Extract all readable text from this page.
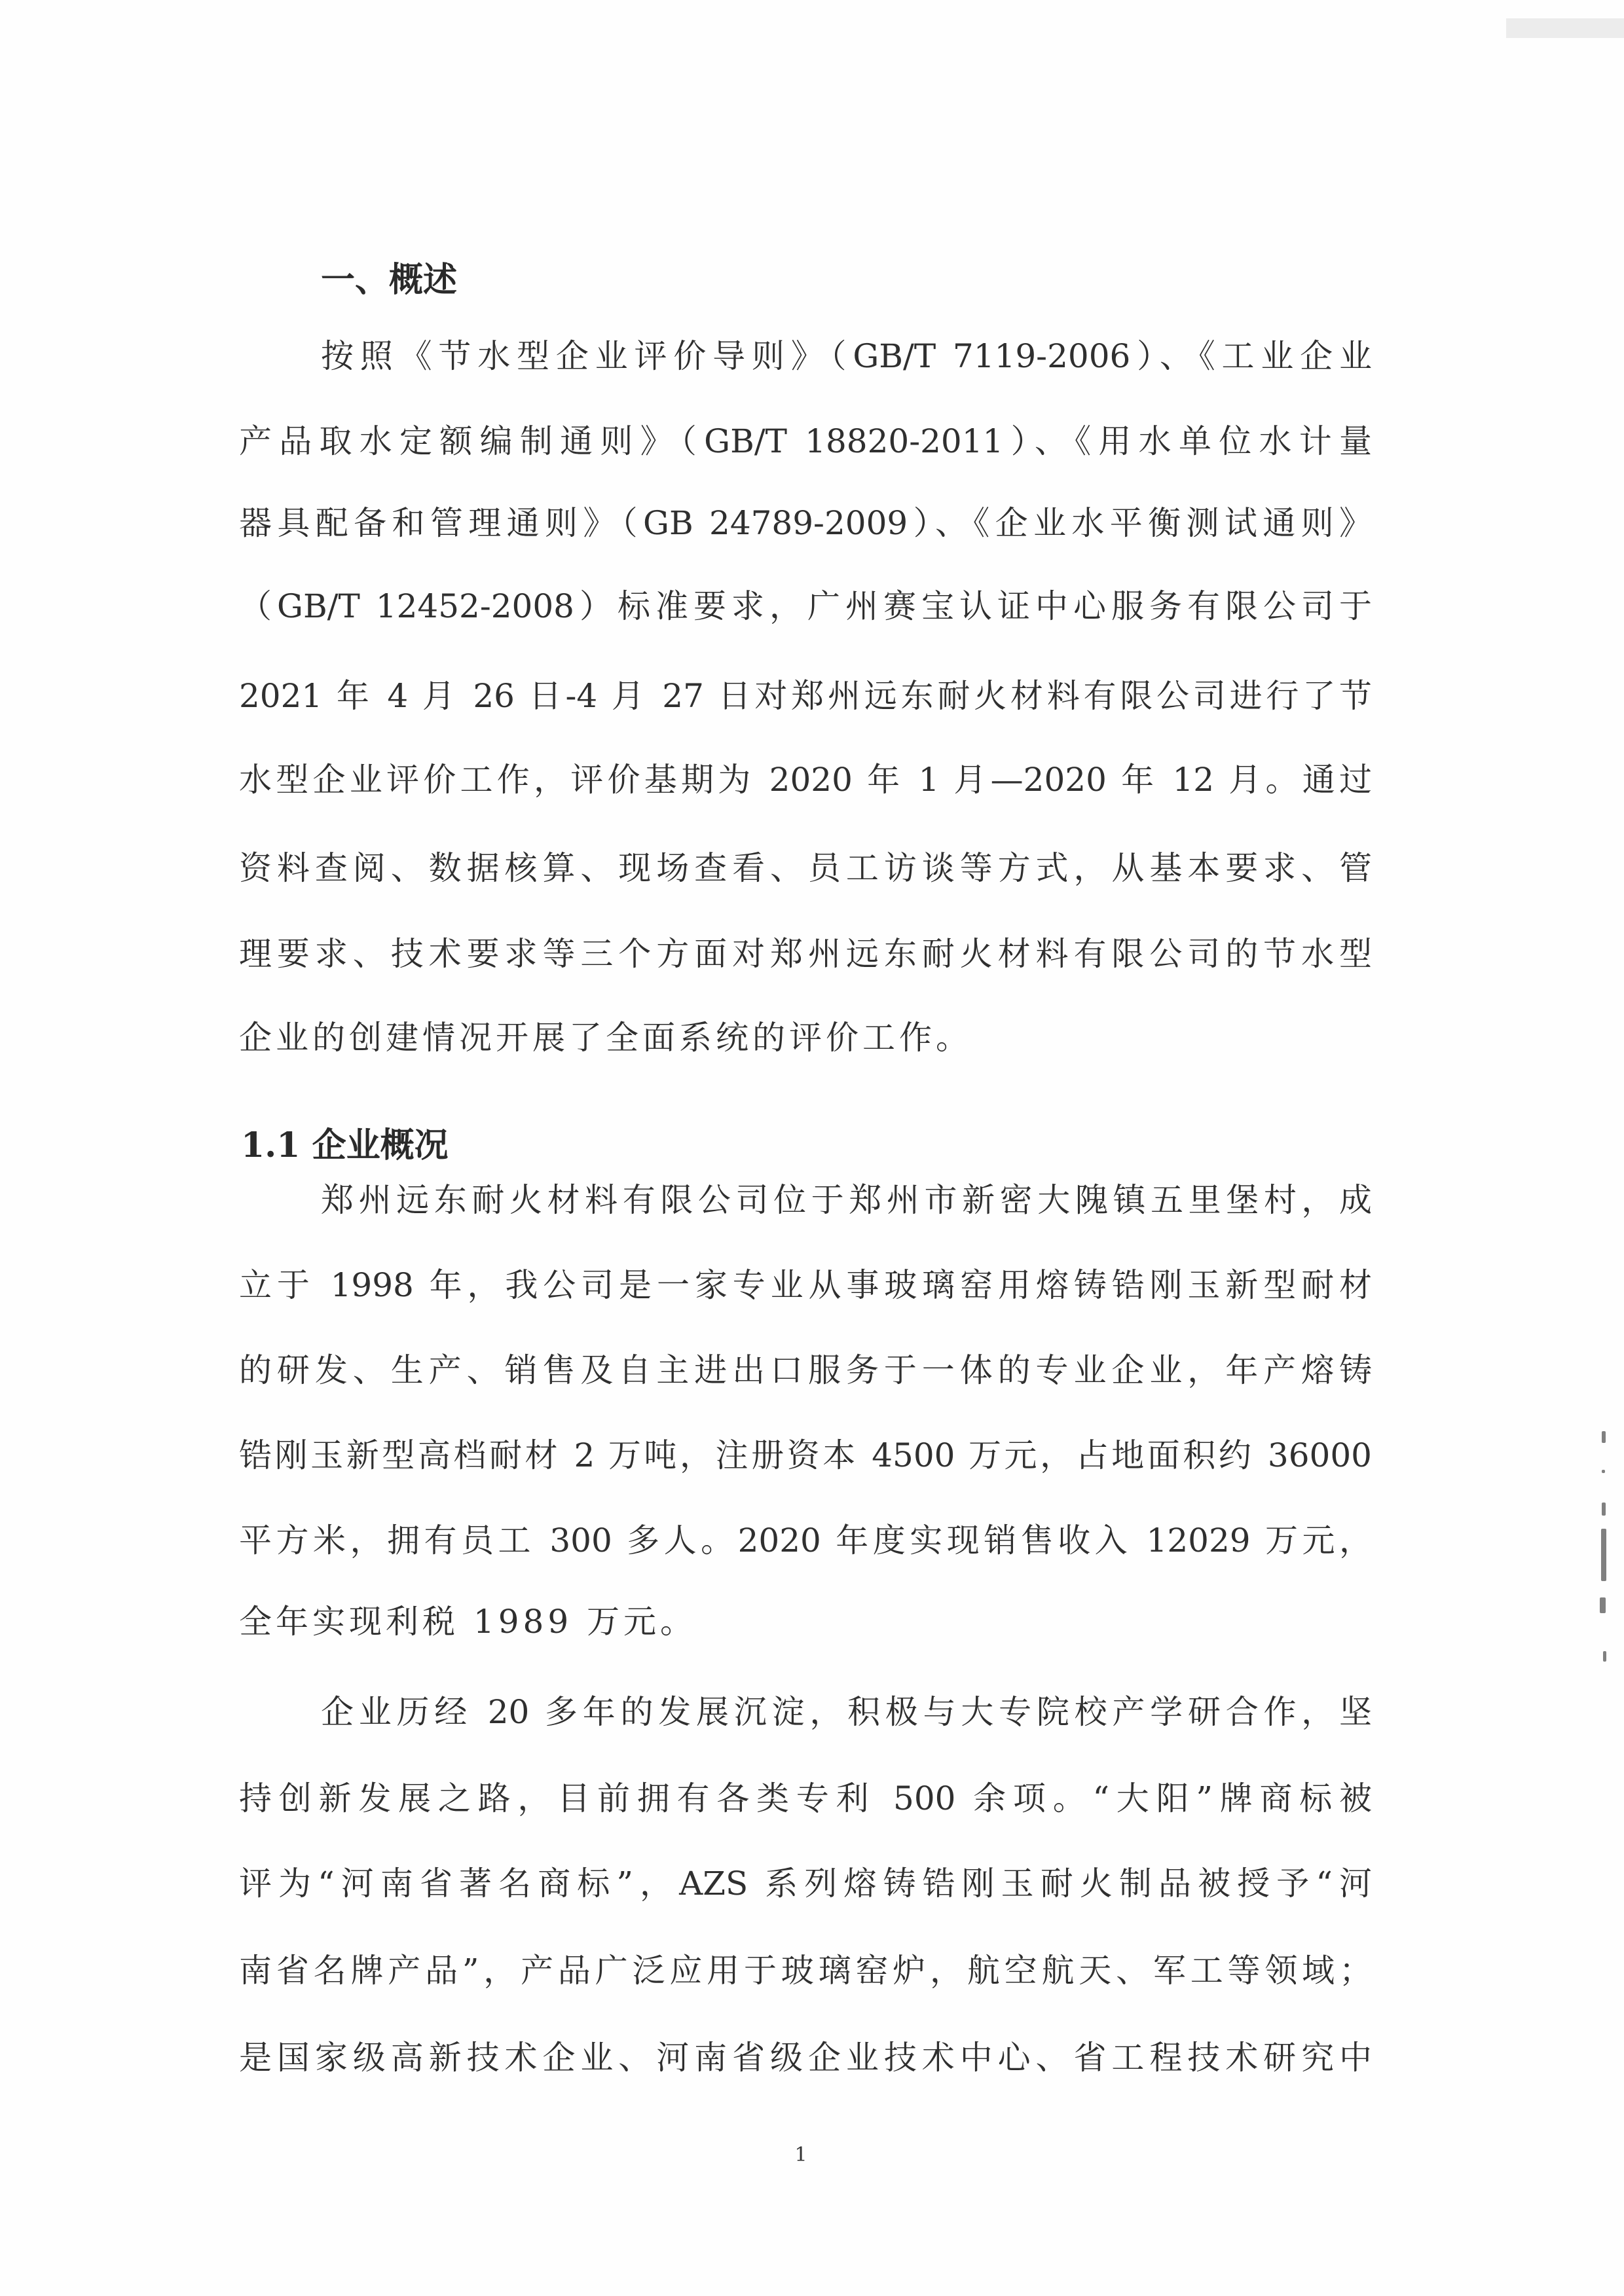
一、概述
按照《节水型企业评价导则》（GB/T 7119-2006）、《工业企业
产品取水定额编制通则》（GB/T 18820-2011）、《用水单位水计量
器具配备和管理通则》（GB 24789-2009）、《企业水平衡测试通则》
（GB/T 12452-2008）标准要求，广州赛宝认证中心服务有限公司于
2021 年 4 月 26 日-4 月 27 日对郑州远东耐火材料有限公司进行了节
水型企业评价工作，评价基期为 2020 年 1 月—2020 年 12 月。通过
资料查阅、数据核算、现场查看、员工访谈等方式，从基本要求、管
理要求、技术要求等三个方面对郑州远东耐火材料有限公司的节水型
企业的创建情况开展了全面系统的评价工作。
1.1 企业概况
郑州远东耐火材料有限公司位于郑州市新密大隗镇五里堡村，成
立于 1998 年，我公司是一家专业从事玻璃窑用熔铸锆刚玉新型耐材
的研发、生产、销售及自主进出口服务于一体的专业企业，年产熔铸
锆刚玉新型高档耐材 2 万吨，注册资本 4500 万元，占地面积约 36000
平方米，拥有员工 300 多人。2020 年度实现销售收入 12029 万元，
全年实现利税 1989 万元。
企业历经 20 多年的发展沉淀，积极与大专院校产学研合作，坚
持创新发展之路，目前拥有各类专利 500 余项。“大阳”牌商标被
评为“河南省著名商标”，AZS 系列熔铸锆刚玉耐火制品被授予“河
南省名牌产品”，产品广泛应用于玻璃窑炉，航空航天、军工等领域；
是国家级高新技术企业、河南省级企业技术中心、省工程技术研究中
1
